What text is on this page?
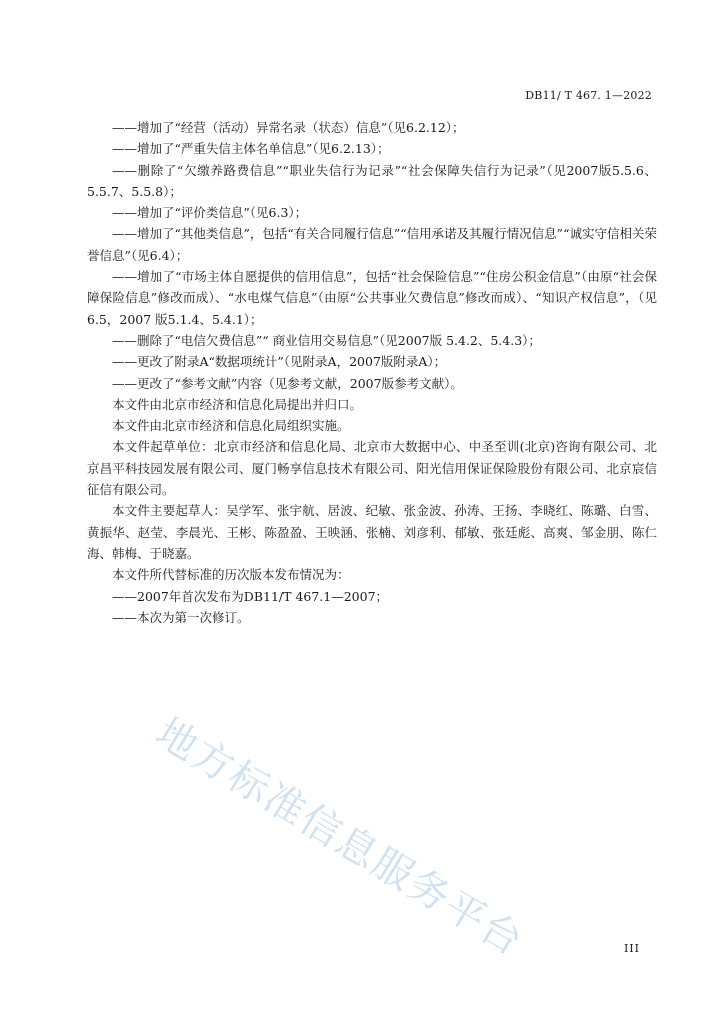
DB11/ T 467. 1—2022

——增加了“经营（活动）异常名录（状态）信息”（见6.2.12）；

——增加了“严重失信主体名单信息”（见6.2.13）；

——删除了“欠缴养路费信息”“职业失信行为记录”“社会保障失信行为记录”（见2007版5.5.6、5.5.7、5.5.8）；

——增加了“评价类信息”（见6.3）；

——增加了“其他类信息”，包括“有关合同履行信息”“信用承诺及其履行情况信息”“诚实守信相关荣誉信息”（见6.4）；

——增加了“市场主体自愿提供的信用信息”，包括“社会保险信息”“住房公积金信息”（由原“社会保障保险信息”修改而成）、“水电煤气信息”（由原“公共事业欠费信息”修改而成）、“知识产权信息”，（见6.5，2007 版5.1.4、5.4.1）；

——删除了“电信欠费信息”“ 商业信用交易信息”（见2007版 5.4.2、5.4.3）；

——更改了附录A“数据项统计”（见附录A，2007版附录A）；

——更改了“参考文献”内容（见参考文献，2007版参考文献）。

本文件由北京市经济和信息化局提出并归口。

本文件由北京市经济和信息化局组织实施。

本文件起草单位：北京市经济和信息化局、北京市大数据中心、中圣至训(北京)咨询有限公司、北京昌平科技园发展有限公司、厦门畅享信息技术有限公司、阳光信用保证保险股份有限公司、北京宸信征信有限公司。

本文件主要起草人：吴学军、张宇航、居波、纪敏、张金波、孙涛、王扬、李晓红、陈璐、白雪、黄振华、赵莹、李晨光、王彬、陈盈盈、王映涵、张楠、刘彦利、郁敏、张廷彪、高爽、邹金朋、陈仁海、韩梅、于晓嘉。

本文件所代替标准的历次版本发布情况为：

——2007年首次发布为DB11/T 467.1—2007；

——本次为第一次修订。

地方标准信息服务平台	III
